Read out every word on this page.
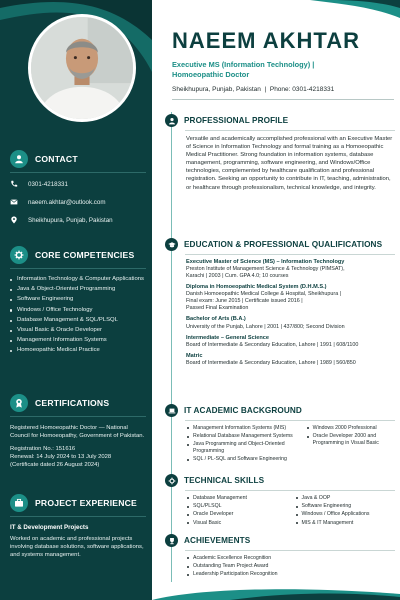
CONTACT
0301-4218331
naeem.akhtar@outlook.com
Sheikhupura, Punjab, Pakistan
CORE COMPETENCIES
Information Technology & Computer Applications
Java & Object-Oriented Programming
Software Engineering
Windows / Office Technology
Database Management & SQL/PLSQL
Visual Basic & Oracle Developer
Management Information Systems
Homoeopathic Medical Practice
CERTIFICATIONS

Registered Homoeopathic Doctor — National Council for Homoeopathy, Government of Pakistan.

Registration No.: 151616

Renewal: 14 July 2024 to 13 July 2028

(Certificate dated 26 August 2024)

PROJECT EXPERIENCE

IT & Development Projects

Worked on academic and professional projects involving database solutions, software applications, and systems management.

NAEEM AKHTAR
Executive MS (Information Technology) |
Homoeopathic Doctor
Sheikhupura, Punjab, Pakistan | Phone: 0301-4218331
PROFESSIONAL PROFILE

Versatile and academically accomplished professional with an Executive Master of Science in Information Technology and formal training as a Homoeopathic Medical Practitioner. Strong foundation in information systems, database management, programming, software engineering, and Windows/Office technologies, complemented by healthcare qualification and professional registration. Seeking an opportunity to contribute in IT, teaching, administration, or healthcare through professionalism, technical knowledge, and integrity.

EDUCATION & PROFESSIONAL QUALIFICATIONS
Executive Master of Science (MS) – Information Technology
Preston Institute of Management Science & Technology (PIMSAT),
Karachi | 2003 | Cum. GPA 4.0; 10 courses
Diploma in Homoeopathic Medical System (D.H.M.S.)
Danish Homoeopathic Medical College & Hospital, Sheikhupura |
Final exam: June 2015 | Certificate issued 2016 |
Passed Final Examination
Bachelor of Arts (B.A.)
University of the Punjab, Lahore | 2001 | 437/800; Second Division
Intermediate – General Science
Board of Intermediate & Secondary Education, Lahore | 1991 | 608/1100
Matric
Board of Intermediate & Secondary Education, Lahore | 1989 | 560/850
IT ACADEMIC BACKGROUND
Management Information Systems (MIS)
Relational Database Management Systems
Java Programming and Object-Oriented Programming
SQL / PL-SQL and Software Engineering
Windows 2000 Professional
Oracle Developer 2000 and Programming in Visual Basic
TECHNICAL SKILLS
Database Management
SQL/PLSQL
Oracle Developer
Visual Basic
Java & OOP
Software Engineering
Windows / Office Applications
MIS & IT Management
ACHIEVEMENTS
Academic Excellence Recognition
Outstanding Team Project Award
Leadership Participation Recognition
